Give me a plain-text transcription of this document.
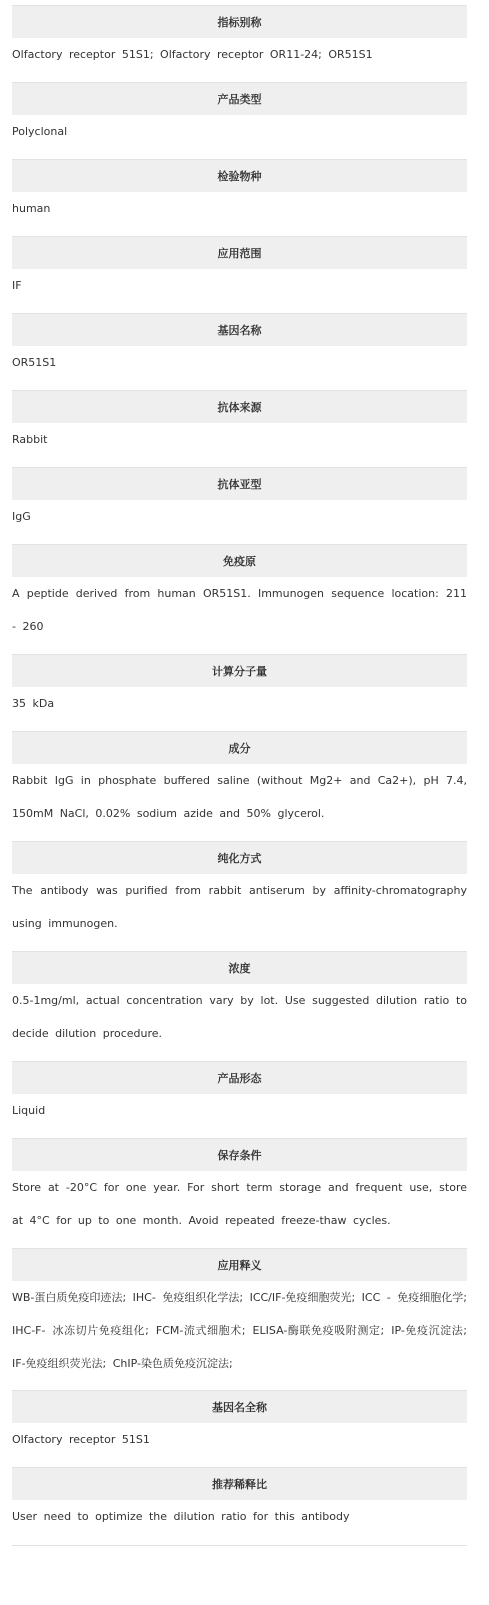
指标别称
Olfactory receptor 51S1; Olfactory receptor OR11-24; OR51S1
产品类型
Polyclonal
检验物种
human
应用范围
IF
基因名称
OR51S1
抗体来源
Rabbit
抗体亚型
IgG
免疫原
A peptide derived from human OR51S1. Immunogen sequence location: 211 - 260
计算分子量
35 kDa
成分
Rabbit IgG in phosphate buffered saline (without Mg2+ and Ca2+), pH 7.4, 150mM NaCl, 0.02% sodium azide and 50% glycerol.
纯化方式
The antibody was purified from rabbit antiserum by affinity-chromatography using immunogen.
浓度
0.5-1mg/ml, actual concentration vary by lot. Use suggested dilution ratio to decide dilution procedure.
产品形态
Liquid
保存条件
Store at -20°C for one year. For short term storage and frequent use, store at 4°C for up to one month. Avoid repeated freeze-thaw cycles.
应用释义
WB-蛋白质免疫印迹法; IHC- 免疫组织化学法; ICC/IF-免疫细胞荧光; ICC - 免疫细胞化学; IHC-F- 冰冻切片免疫组化; FCM-流式细胞术; ELISA-酶联免疫吸附测定; IP-免疫沉淀法; IF-免疫组织荧光法; ChIP-染色质免疫沉淀法;
基因名全称
Olfactory receptor 51S1
推荐稀释比
User need to optimize the dilution ratio for this antibody
